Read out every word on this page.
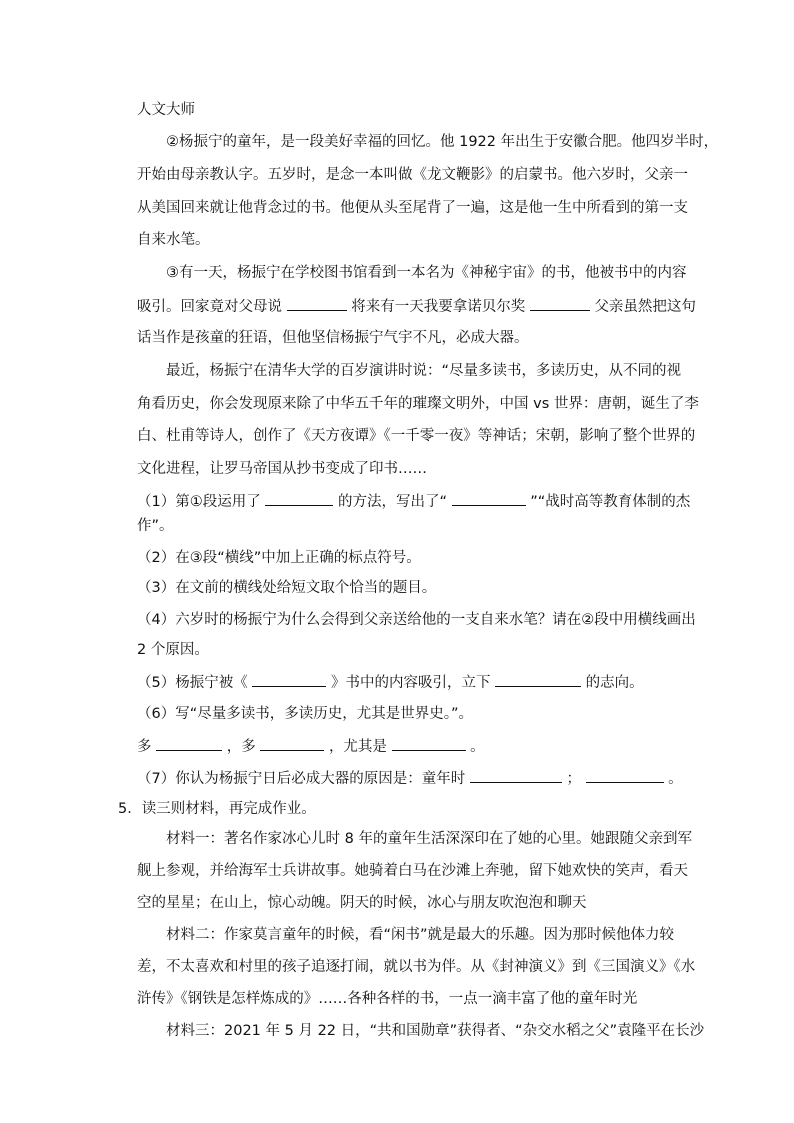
人文大师
②杨振宁的童年，是一段美好幸福的回忆。他 1922 年出生于安徽合肥。他四岁半时，
开始由母亲教认字。五岁时，是念一本叫做《龙文鞭影》的启蒙书。他六岁时，父亲一
从美国回来就让他背念过的书。他便从头至尾背了一遍，这是他一生中所看到的第一支
自来水笔。
③有一天，杨振宁在学校图书馆看到一本名为《神秘宇宙》的书，他被书中的内容
吸引。回家竟对父母说	将来有一天我要拿诺贝尔奖	父亲虽然把这句
话当作是孩童的狂语，但他坚信杨振宁气宇不凡，必成大器。
最近，杨振宁在清华大学的百岁演讲时说：“尽量多读书，多读历史，从不同的视
角看历史，你会发现原来除了中华五千年的璀璨文明外，中国 vs 世界：唐朝，诞生了李
白、杜甫等诗人，创作了《天方夜谭》《一千零一夜》等神话；宋朝，影响了整个世界的
文化进程，让罗马帝国从抄书变成了印书……
（1）第①段运用了	的方法，写出了“	”“战时高等教育体制的杰
作”。
（2）在③段“横线”中加上正确的标点符号。
（3）在文前的横线处给短文取个恰当的题目。
（4）六岁时的杨振宁为什么会得到父亲送给他的一支自来水笔？请在②段中用横线画出
2 个原因。
（5）杨振宁被《	》书中的内容吸引，立下	的志向。
（6）写“尽量多读书，多读历史，尤其是世界史。”。
多	，多	，尤其是	。
（7）你认为杨振宁日后必成大器的原因是：童年时	；	。
5．读三则材料，再完成作业。
材料一：著名作家冰心儿时 8 年的童年生活深深印在了她的心里。她跟随父亲到军
舰上参观，并给海军士兵讲故事。她骑着白马在沙滩上奔驰，留下她欢快的笑声，看天
空的星星；在山上，惊心动魄。阴天的时候，冰心与朋友吹泡泡和聊天
材料二：作家莫言童年的时候，看“闲书”就是最大的乐趣。因为那时候他体力较
差，不太喜欢和村里的孩子追逐打闹，就以书为伴。从《封神演义》到《三国演义》《水
浒传》《钢铁是怎样炼成的》……各种各样的书，一点一滴丰富了他的童年时光
材料三：2021 年 5 月 22 日，“共和国勋章”获得者、“杂交水稻之父”袁隆平在长沙
